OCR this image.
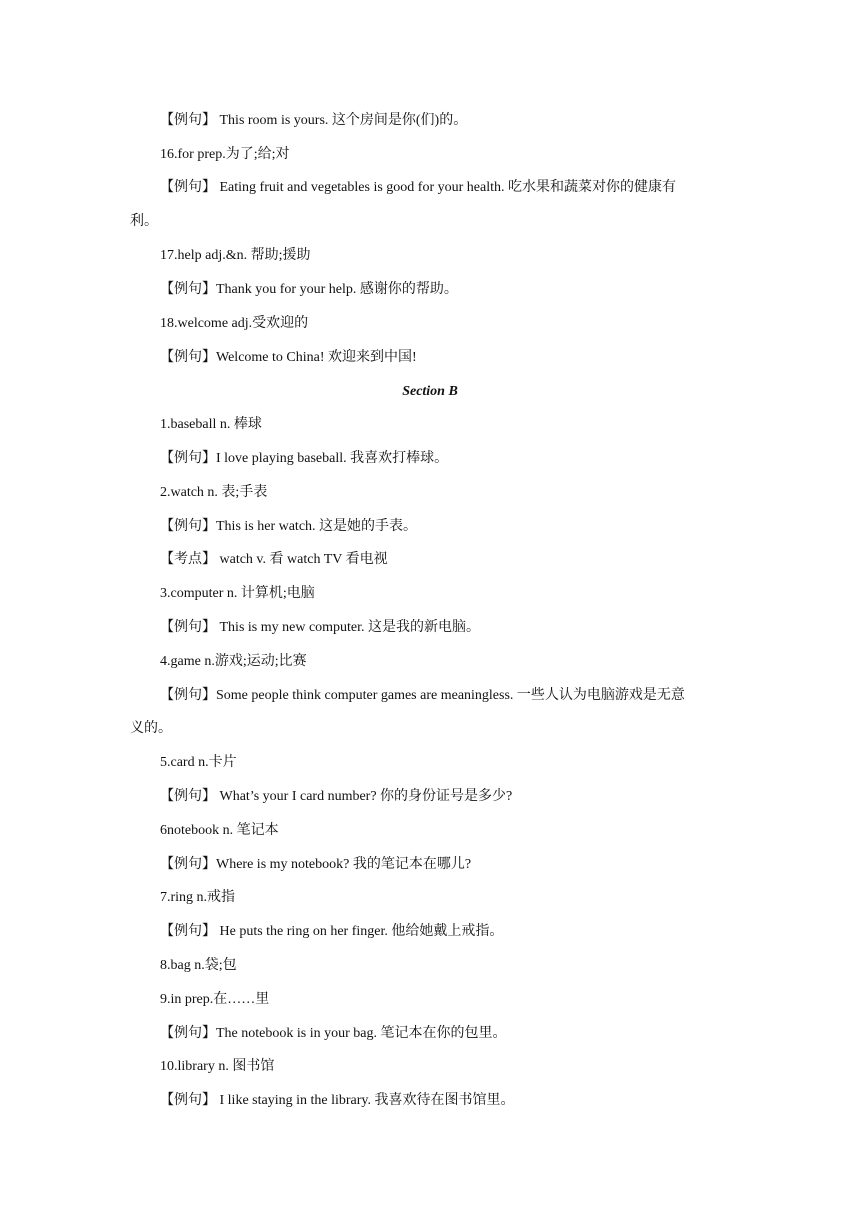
【例句】 This room is yours. 这个房间是你(们)的。
16.for prep.为了;给;对
【例句】 Eating fruit and vegetables is good for your health. 吃水果和蔬菜对你的健康有
利。
17.help adj.&n. 帮助;援助
【例句】Thank you for your help. 感谢你的帮助。
18.welcome adj.受欢迎的
【例句】Welcome to China! 欢迎来到中国!
Section B
1.baseball n. 棒球
【例句】I love playing baseball. 我喜欢打棒球。
2.watch n. 表;手表
【例句】This is her watch. 这是她的手表。
【考点】 watch v. 看 watch TV 看电视
3.computer n. 计算机;电脑
【例句】 This is my new computer. 这是我的新电脑。
4.game n.游戏;运动;比赛
【例句】Some people think computer games are meaningless. 一些人认为电脑游戏是无意
义的。
5.card n.卡片
【例句】 What’s your I card number? 你的身份证号是多少?
6notebook n. 笔记本
【例句】Where is my notebook? 我的笔记本在哪儿?
7.ring n.戒指
【例句】 He puts the ring on her finger. 他给她戴上戒指。
8.bag n.袋;包
9.in prep.在……里
【例句】The notebook is in your bag. 笔记本在你的包里。
10.library n. 图书馆
【例句】 I like staying in the library. 我喜欢待在图书馆里。
